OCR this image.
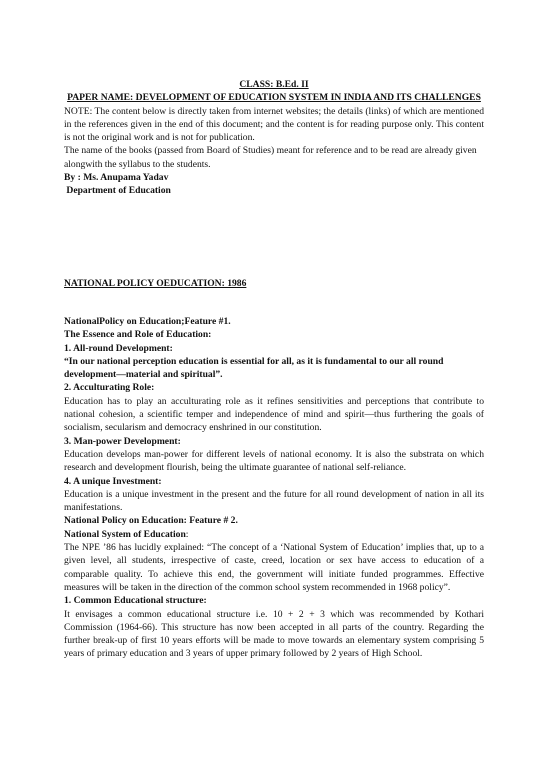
CLASS: B.Ed. II
PAPER NAME: DEVELOPMENT OF EDUCATION SYSTEM IN INDIA AND ITS CHALLENGES

NOTE: The content below is directly taken from internet websites; the details (links) of which are mentioned in the references given in the end of this document; and the content is for reading purpose only. This content is not the original work and is not for publication.

The name of the books (passed from Board of Studies) meant for reference and to be read are already given alongwith the syllabus to the students.

By : Ms. Anupama Yadav
Department of Education
NATIONAL POLICY OEDUCATION: 1986
NationalPolicy on Education;Feature #1.
The Essence and Role of Education:
1. All-round Development:

“In our national perception education is essential for all, as it is fundamental to our all round development—material and spiritual”.

2. Acculturating Role:

Education has to play an acculturating role as it refines sensitivities and perceptions that contribute to national cohesion, a scientific temper and independence of mind and spirit—thus furthering the goals of socialism, secularism and democracy enshrined in our constitution.

3. Man-power Development:

Education develops man-power for different levels of national economy. It is also the substrata on which research and development flourish, being the ultimate guarantee of national self-reliance.

4. A unique Investment:

Education is a unique investment in the present and the future for all round development of nation in all its manifestations.

National Policy on Education: Feature # 2.
National System of Education:

The NPE ’86 has lucidly explained: “The concept of a ‘National System of Education’ implies that, up to a given level, all students, irrespective of caste, creed, location or sex have access to education of a comparable quality. To achieve this end, the government will initiate funded programmes. Effective measures will be taken in the direction of the common school system recommended in 1968 policy”.

1. Common Educational structure:

It envisages a common educational structure i.e. 10 + 2 + 3 which was recommended by Kothari Commission (1964-66). This structure has now been accepted in all parts of the country. Regarding the further break-up of first 10 years efforts will be made to move towards an elementary system comprising 5 years of primary education and 3 years of upper primary followed by 2 years of High School.
